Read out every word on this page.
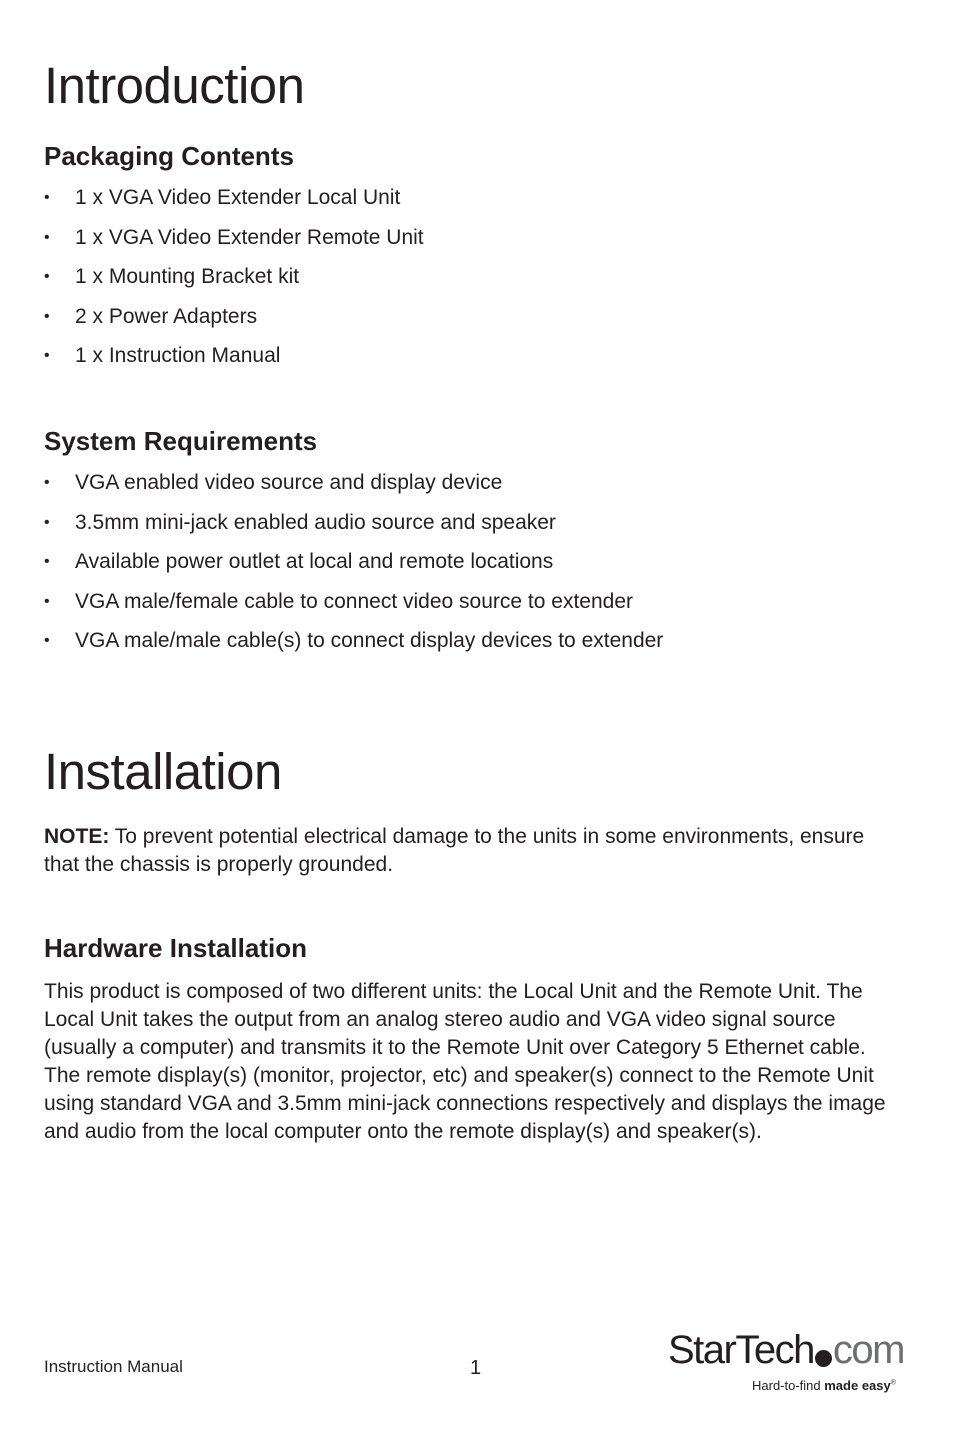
Introduction
Packaging Contents
• 1 x VGA Video Extender Local Unit
• 1 x VGA Video Extender Remote Unit
• 1 x Mounting Bracket kit
• 2 x Power Adapters
• 1 x Instruction Manual
System Requirements
• VGA enabled video source and display device
• 3.5mm mini-jack enabled audio source and speaker
• Available power outlet at local and remote locations
• VGA male/female cable to connect video source to extender
• VGA male/male cable(s) to connect display devices to extender
Installation

NOTE: To prevent potential electrical damage to the units in some environments, ensure that the chassis is properly grounded.

Hardware Installation

This product is composed of two different units: the Local Unit and the Remote Unit. The Local Unit takes the output from an analog stereo audio and VGA video signal source (usually a computer) and transmits it to the Remote Unit over Category 5 Ethernet cable. The remote display(s) (monitor, projector, etc) and speaker(s) connect to the Remote Unit using standard VGA and 3.5mm mini-jack connections respectively and displays the image and audio from the local computer onto the remote display(s) and speaker(s).

Instruction Manual	1	StarTech com
Hard-to-find made easy®
